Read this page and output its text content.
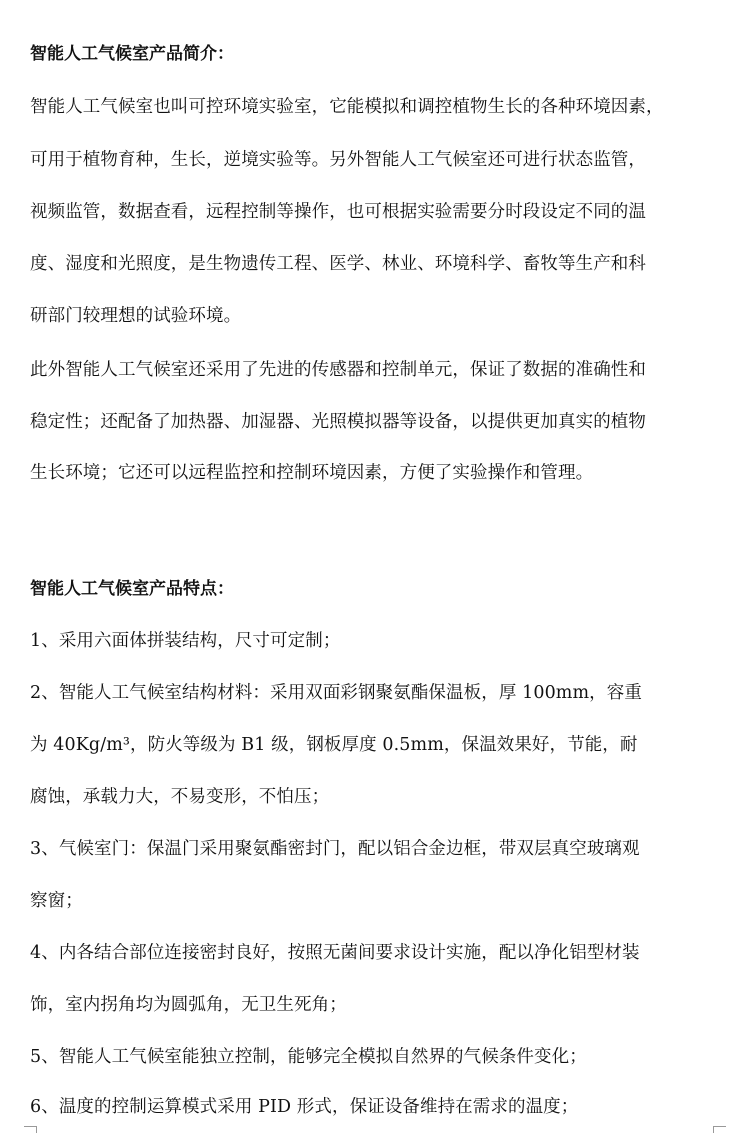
智能人工气候室产品简介：
智能人工气候室也叫可控环境实验室，它能模拟和调控植物生长的各种环境因素，
可用于植物育种，生长，逆境实验等。另外智能人工气候室还可进行状态监管，
视频监管，数据查看，远程控制等操作，也可根据实验需要分时段设定不同的温
度、湿度和光照度，是生物遗传工程、医学、林业、环境科学、畜牧等生产和科
研部门较理想的试验环境。
此外智能人工气候室还采用了先进的传感器和控制单元，保证了数据的准确性和
稳定性；还配备了加热器、加湿器、光照模拟器等设备，以提供更加真实的植物
生长环境；它还可以远程监控和控制环境因素，方便了实验操作和管理。
智能人工气候室产品特点：
1、采用六面体拼装结构，尺寸可定制；
2、智能人工气候室结构材料：采用双面彩钢聚氨酯保温板，厚 100mm，容重
为 40Kg/m³，防火等级为 B1 级，钢板厚度 0.5mm，保温效果好，节能，耐
腐蚀，承载力大，不易变形，不怕压；
3、气候室门：保温门采用聚氨酯密封门，配以铝合金边框，带双层真空玻璃观
察窗；
4、内各结合部位连接密封良好，按照无菌间要求设计实施，配以净化铝型材装
饰，室内拐角均为圆弧角，无卫生死角；
5、智能人工气候室能独立控制，能够完全模拟自然界的气候条件变化；
6、温度的控制运算模式采用 PID 形式，保证设备维持在需求的温度；
